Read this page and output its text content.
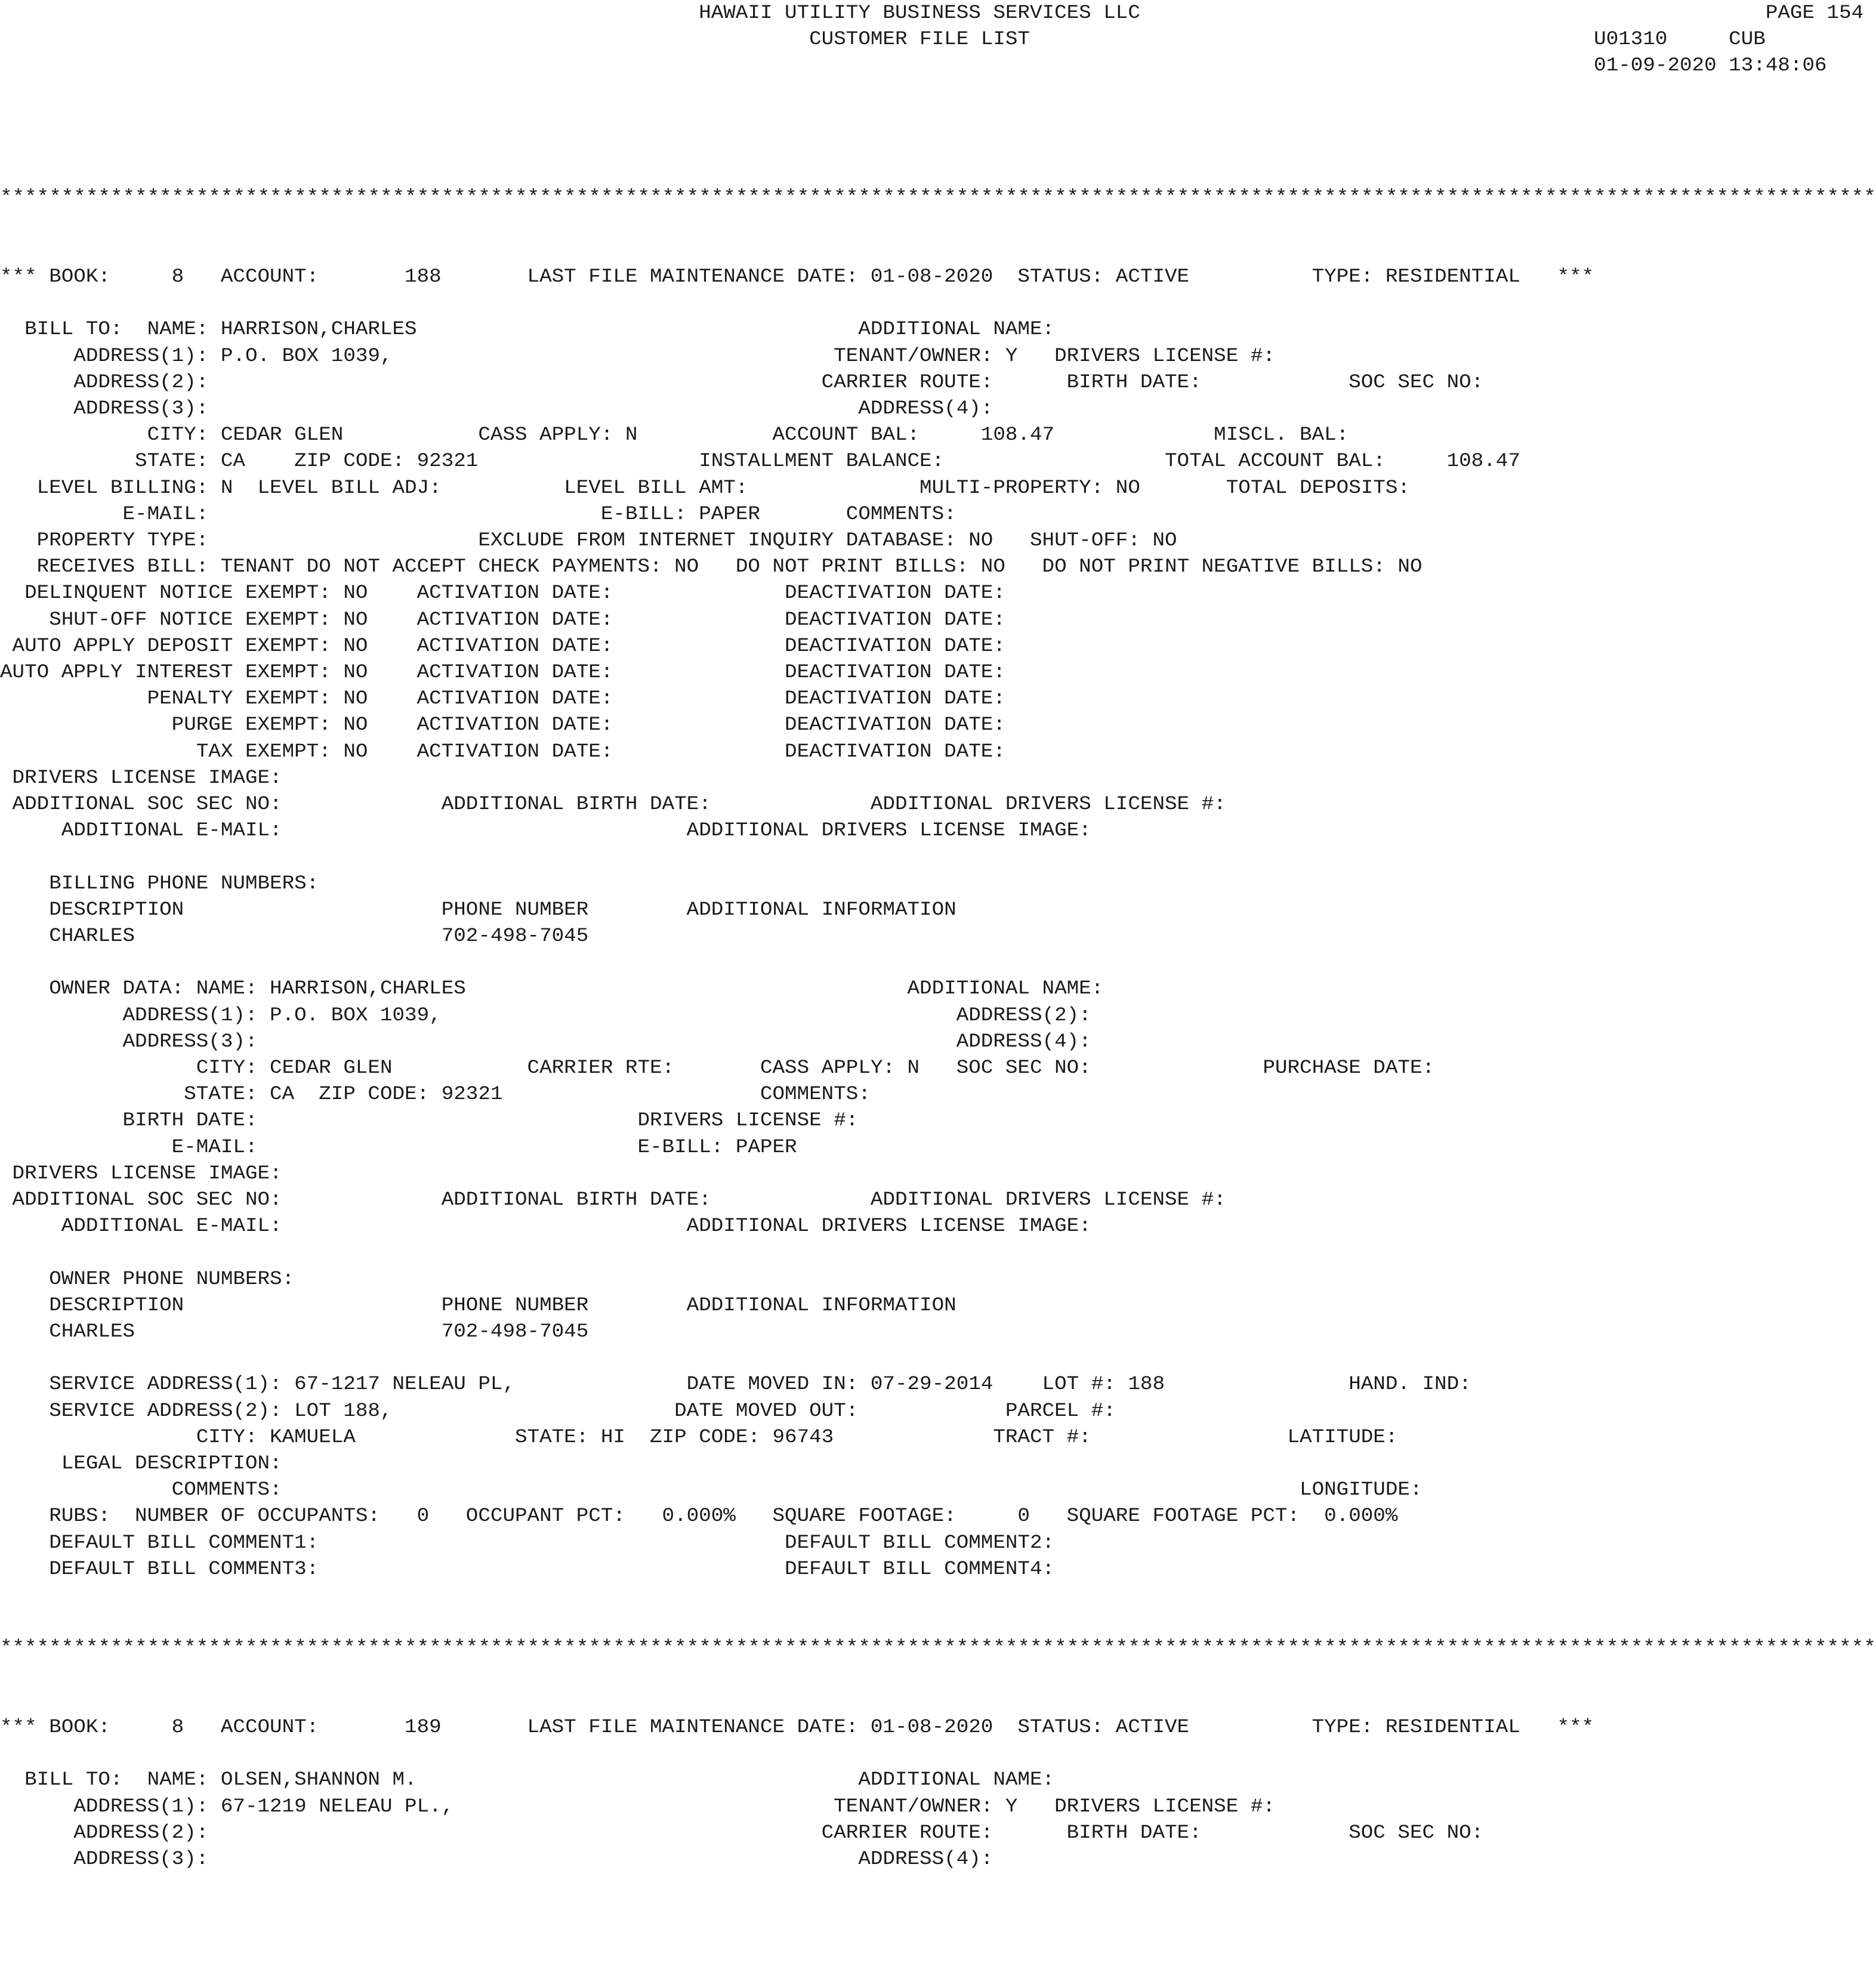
HAWAII UTILITY BUSINESS SERVICES LLC                                                   PAGE 154
CUSTOMER FILE LIST                                              U01310     CUB
01-09-2020 13:48:06
*********************************************************************************************************************************************************
*** BOOK:     8   ACCOUNT:       188       LAST FILE MAINTENANCE DATE: 01-08-2020  STATUS: ACTIVE          TYPE: RESIDENTIAL   ***
BILL TO:  NAME: HARRISON,CHARLES                                    ADDITIONAL NAME:
ADDRESS(1): P.O. BOX 1039,                                    TENANT/OWNER: Y   DRIVERS LICENSE #:
ADDRESS(2):                                                  CARRIER ROUTE:      BIRTH DATE:            SOC SEC NO:
ADDRESS(3):                                                     ADDRESS(4):
CITY: CEDAR GLEN           CASS APPLY: N           ACCOUNT BAL:     108.47             MISCL. BAL:
STATE: CA    ZIP CODE: 92321                  INSTALLMENT BALANCE:                  TOTAL ACCOUNT BAL:     108.47
LEVEL BILLING: N  LEVEL BILL ADJ:          LEVEL BILL AMT:              MULTI-PROPERTY: NO       TOTAL DEPOSITS:
E-MAIL:                                E-BILL: PAPER       COMMENTS:
PROPERTY TYPE:                      EXCLUDE FROM INTERNET INQUIRY DATABASE: NO   SHUT-OFF: NO
RECEIVES BILL: TENANT DO NOT ACCEPT CHECK PAYMENTS: NO   DO NOT PRINT BILLS: NO   DO NOT PRINT NEGATIVE BILLS: NO
DELINQUENT NOTICE EXEMPT: NO    ACTIVATION DATE:              DEACTIVATION DATE:
SHUT-OFF NOTICE EXEMPT: NO    ACTIVATION DATE:              DEACTIVATION DATE:
AUTO APPLY DEPOSIT EXEMPT: NO    ACTIVATION DATE:              DEACTIVATION DATE:
AUTO APPLY INTEREST EXEMPT: NO    ACTIVATION DATE:              DEACTIVATION DATE:
PENALTY EXEMPT: NO    ACTIVATION DATE:              DEACTIVATION DATE:
PURGE EXEMPT: NO    ACTIVATION DATE:              DEACTIVATION DATE:
TAX EXEMPT: NO    ACTIVATION DATE:              DEACTIVATION DATE:
DRIVERS LICENSE IMAGE:
ADDITIONAL SOC SEC NO:             ADDITIONAL BIRTH DATE:             ADDITIONAL DRIVERS LICENSE #:
ADDITIONAL E-MAIL:                                 ADDITIONAL DRIVERS LICENSE IMAGE:
BILLING PHONE NUMBERS:
DESCRIPTION                     PHONE NUMBER        ADDITIONAL INFORMATION
CHARLES                         702-498-7045
OWNER DATA: NAME: HARRISON,CHARLES                                    ADDITIONAL NAME:
ADDRESS(1): P.O. BOX 1039,                                          ADDRESS(2):
ADDRESS(3):                                                         ADDRESS(4):
CITY: CEDAR GLEN           CARRIER RTE:       CASS APPLY: N   SOC SEC NO:              PURCHASE DATE:
STATE: CA  ZIP CODE: 92321                     COMMENTS:
BIRTH DATE:                               DRIVERS LICENSE #:
E-MAIL:                               E-BILL: PAPER
DRIVERS LICENSE IMAGE:
ADDITIONAL SOC SEC NO:             ADDITIONAL BIRTH DATE:             ADDITIONAL DRIVERS LICENSE #:
ADDITIONAL E-MAIL:                                 ADDITIONAL DRIVERS LICENSE IMAGE:
OWNER PHONE NUMBERS:
DESCRIPTION                     PHONE NUMBER        ADDITIONAL INFORMATION
CHARLES                         702-498-7045
SERVICE ADDRESS(1): 67-1217 NELEAU PL,              DATE MOVED IN: 07-29-2014    LOT #: 188               HAND. IND:
SERVICE ADDRESS(2): LOT 188,                       DATE MOVED OUT:            PARCEL #:
CITY: KAMUELA             STATE: HI  ZIP CODE: 96743             TRACT #:                LATITUDE:
LEGAL DESCRIPTION:
COMMENTS:                                                                                   LONGITUDE:
RUBS:  NUMBER OF OCCUPANTS:   0   OCCUPANT PCT:   0.000%   SQUARE FOOTAGE:     0   SQUARE FOOTAGE PCT:  0.000%
DEFAULT BILL COMMENT1:                                      DEFAULT BILL COMMENT2:
DEFAULT BILL COMMENT3:                                      DEFAULT BILL COMMENT4:
*********************************************************************************************************************************************************
*** BOOK:     8   ACCOUNT:       189       LAST FILE MAINTENANCE DATE: 01-08-2020  STATUS: ACTIVE          TYPE: RESIDENTIAL   ***
BILL TO:  NAME: OLSEN,SHANNON M.                                    ADDITIONAL NAME:
ADDRESS(1): 67-1219 NELEAU PL.,                               TENANT/OWNER: Y   DRIVERS LICENSE #:
ADDRESS(2):                                                  CARRIER ROUTE:      BIRTH DATE:            SOC SEC NO:
ADDRESS(3):                                                     ADDRESS(4):
